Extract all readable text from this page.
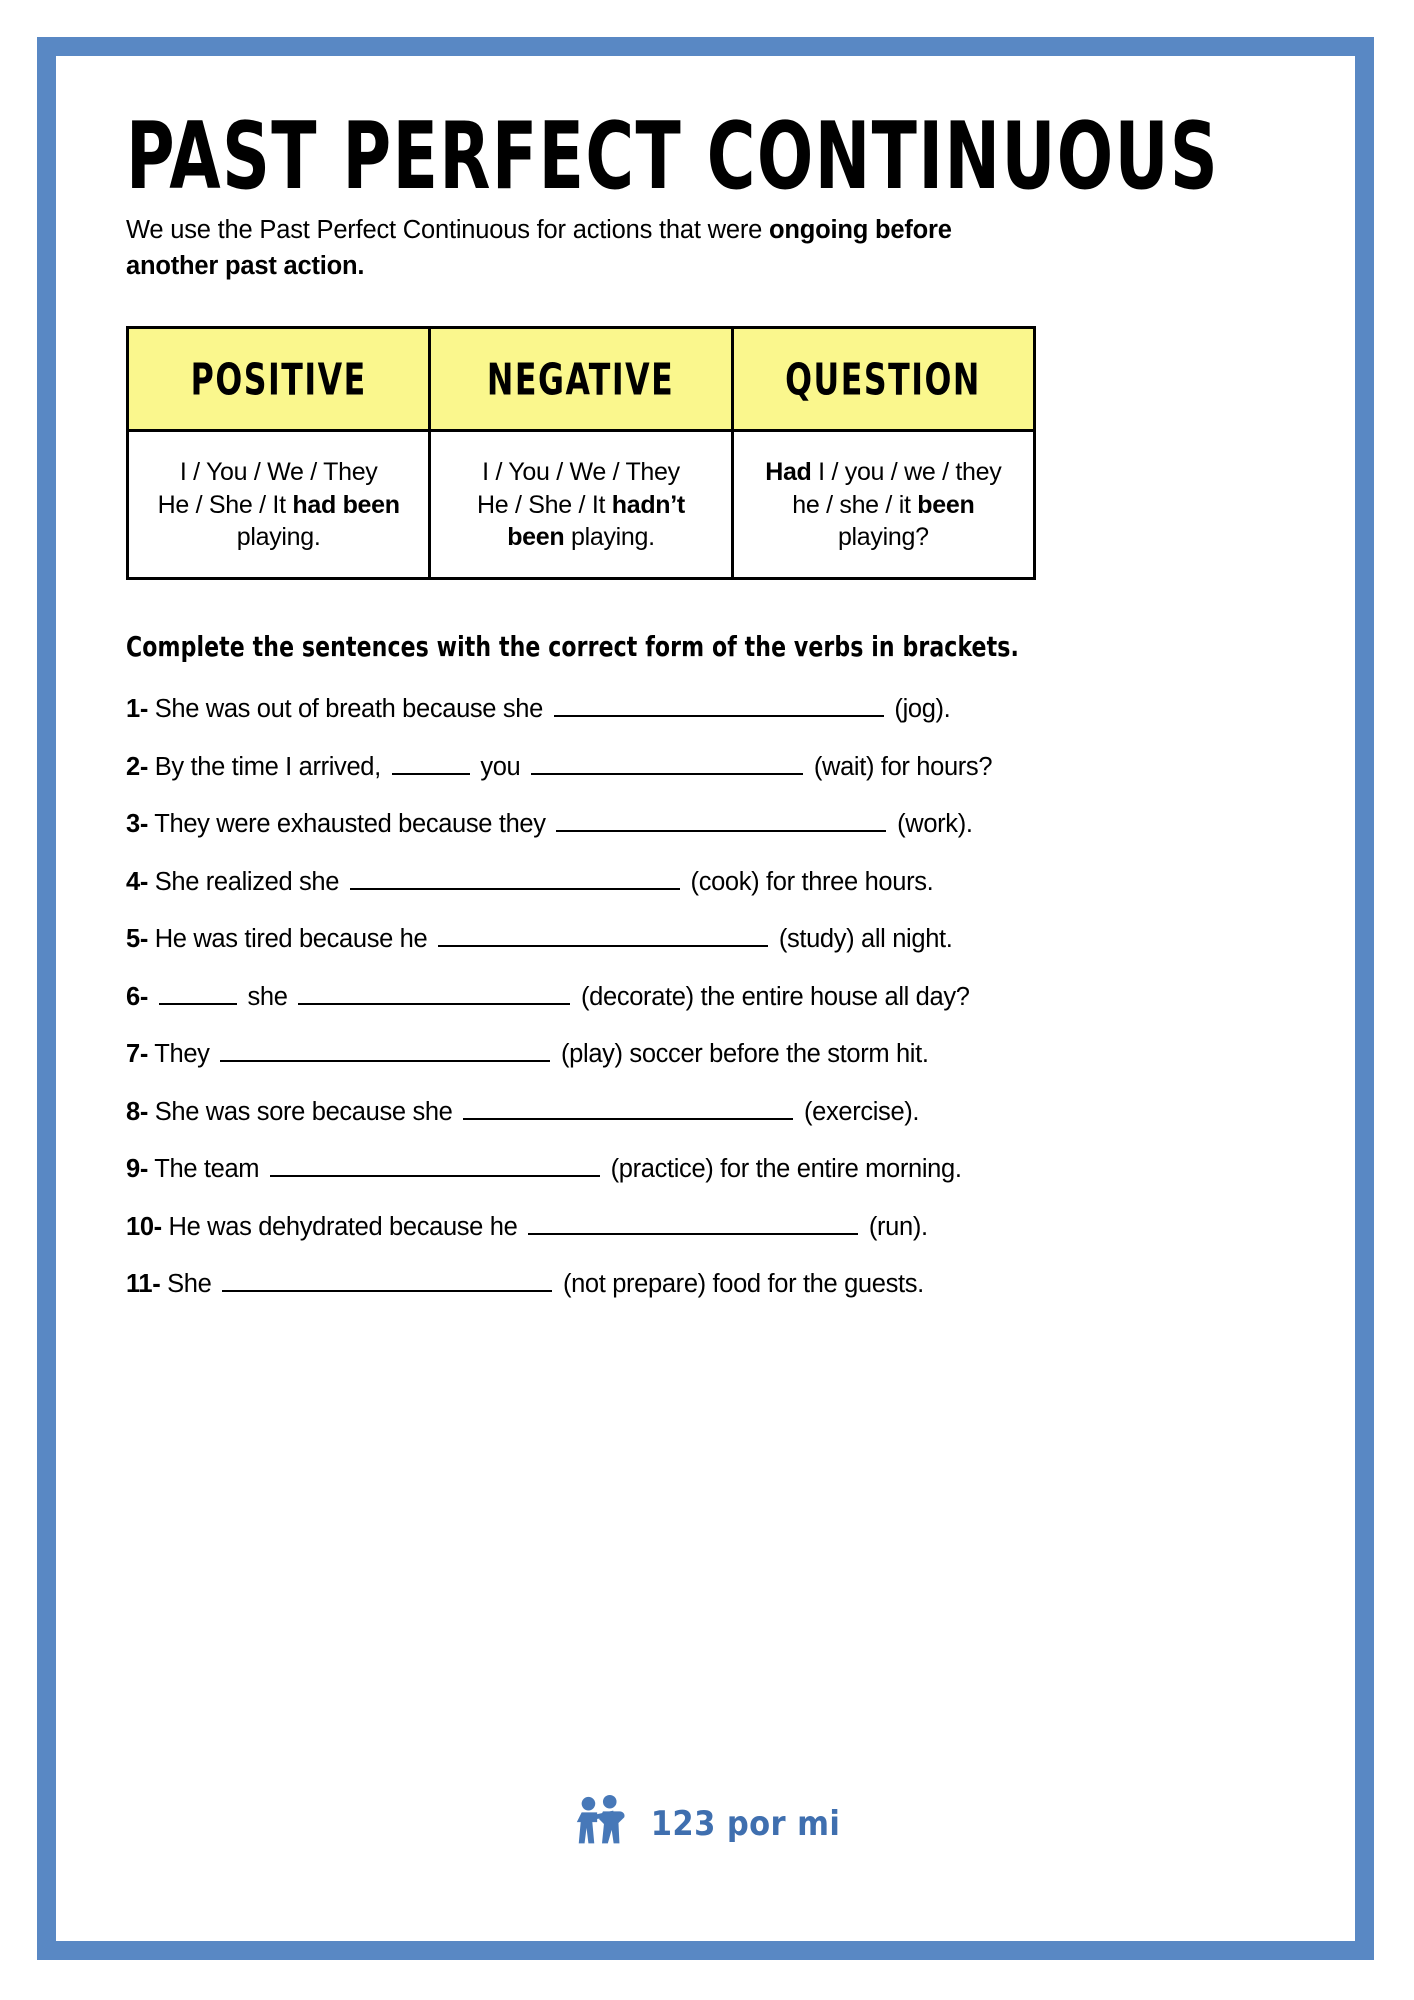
PAST PERFECT CONTINUOUS

We use the Past Perfect Continuous for actions that were ongoing before another past action.

POSITIVE	NEGATIVE	QUESTION
I / You / We / They
He / She / It had been
playing.	I / You / We / They
He / She / It hadn’t
been playing.	Had I / you / we / they
he / she / it been
playing?

Complete the sentences with the correct form of the verbs in brackets.

1- She was out of breath because she	(jog).
2- By the time I arrived,	you	(wait) for hours?
3- They were exhausted because they	(work).
4- She realized she	(cook) for three hours.
5- He was tired because he	(study) all night.
6-	she	(decorate) the entire house all day?
7- They	(play) soccer before the storm hit.
8- She was sore because she	(exercise).
9- The team	(practice) for the entire morning.
10- He was dehydrated because he	(run).
11- She	(not prepare) food for the guests.
123 por mi
